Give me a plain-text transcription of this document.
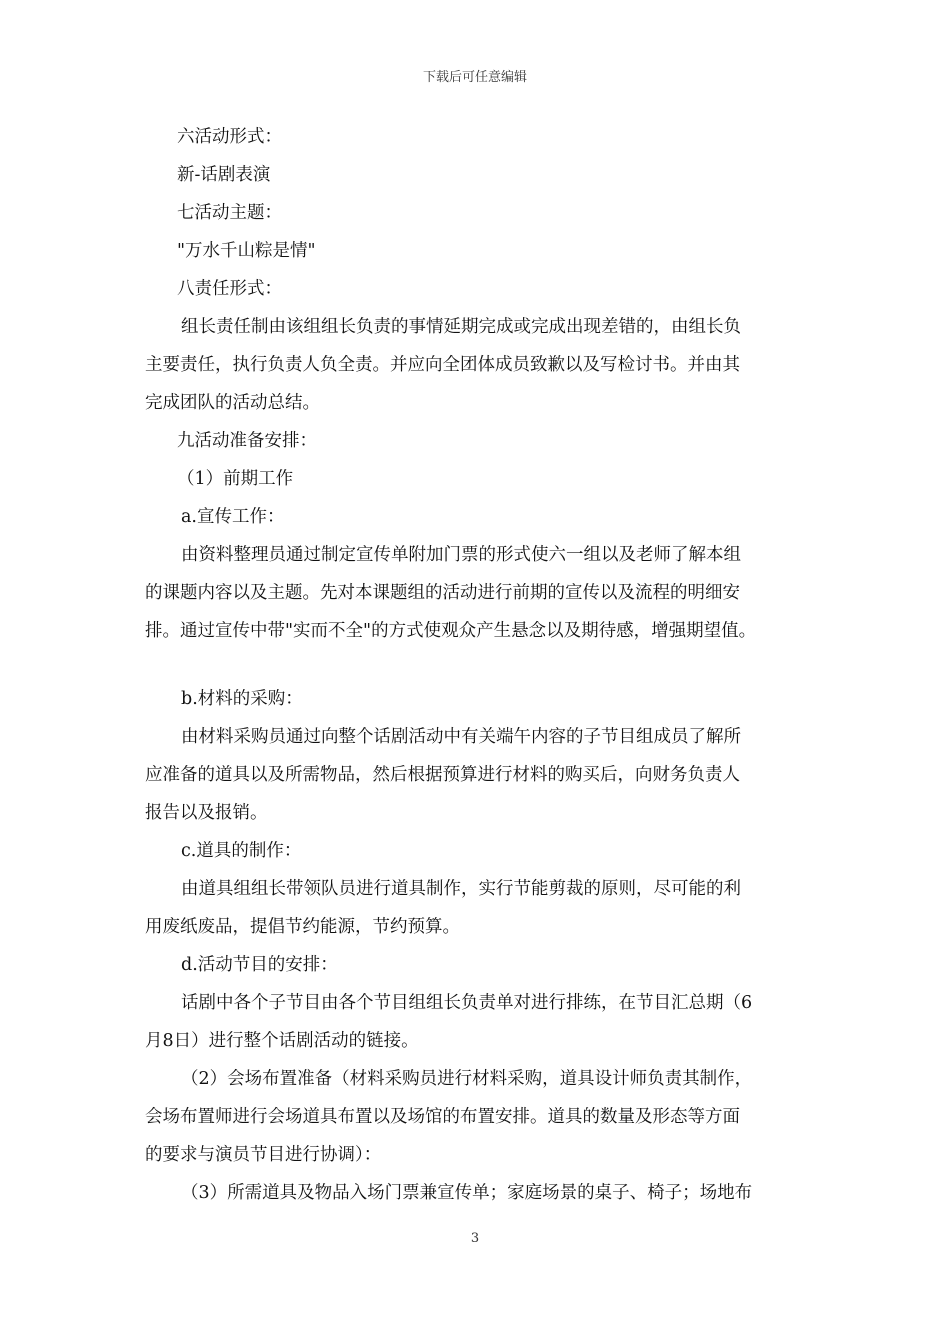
下载后可任意编辑
六活动形式：
新-话剧表演
七活动主题：
"万水千山粽是情"
八责任形式：
组长责任制由该组组长负责的事情延期完成或完成出现差错的，由组长负
主要责任，执行负责人负全责。并应向全团体成员致歉以及写检讨书。并由其
完成团队的活动总结。
九活动准备安排：
（1）前期工作
a.宣传工作：
由资料整理员通过制定宣传单附加门票的形式使六一组以及老师了解本组
的课题内容以及主题。先对本课题组的活动进行前期的宣传以及流程的明细安
排。通过宣传中带"实而不全"的方式使观众产生悬念以及期待感，增强期望值。
b.材料的采购：
由材料采购员通过向整个话剧活动中有关端午内容的子节目组成员了解所
应准备的道具以及所需物品，然后根据预算进行材料的购买后，向财务负责人
报告以及报销。
c.道具的制作：
由道具组组长带领队员进行道具制作，实行节能剪裁的原则，尽可能的利
用废纸废品，提倡节约能源，节约预算。
d.活动节目的安排：
话剧中各个子节目由各个节目组组长负责单对进行排练，在节目汇总期（6
月8日）进行整个话剧活动的链接。
（2）会场布置准备（材料采购员进行材料采购，道具设计师负责其制作，
会场布置师进行会场道具布置以及场馆的布置安排。道具的数量及形态等方面
的要求与演员节目进行协调）：
（3）所需道具及物品入场门票兼宣传单；家庭场景的桌子、椅子；场地布
3
